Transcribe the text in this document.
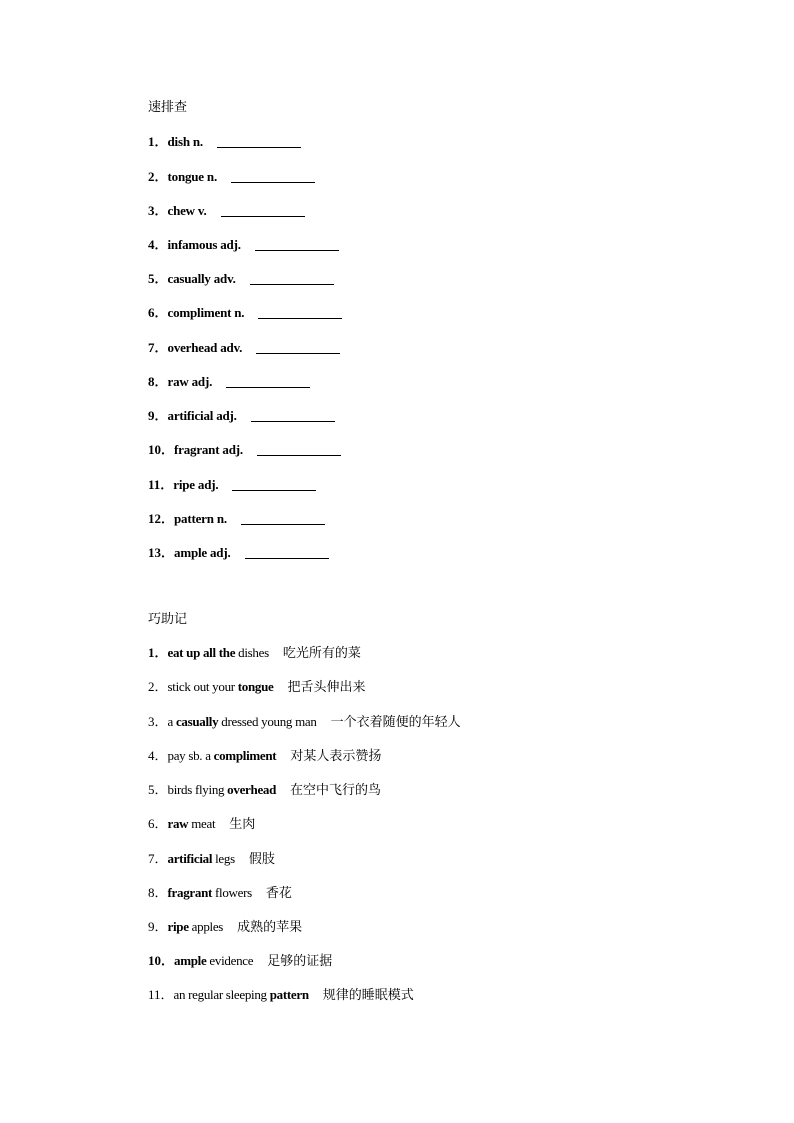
速排查
1． dish n.
2． tongue n.
3． chew v.
4． infamous adj.
5． casually adv.
6． compliment n.
7． overhead adv.
8． raw adj.
9． artificial adj.
10． fragrant adj.
11． ripe adj.
12． pattern n.
13． ample adj.
巧助记
1． eat up all the dishes 吃光所有的菜
2． stick out your tongue 把舌头伸出来
3． a casually dressed young man 一个衣着随便的年轻人
4． pay sb. a compliment 对某人表示赞扬
5． birds flying overhead 在空中飞行的鸟
6． raw meat 生肉
7． artificial legs 假肢
8． fragrant flowers 香花
9． ripe apples 成熟的苹果
10． ample evidence 足够的证据
11． an regular sleeping pattern 规律的睡眠模式
